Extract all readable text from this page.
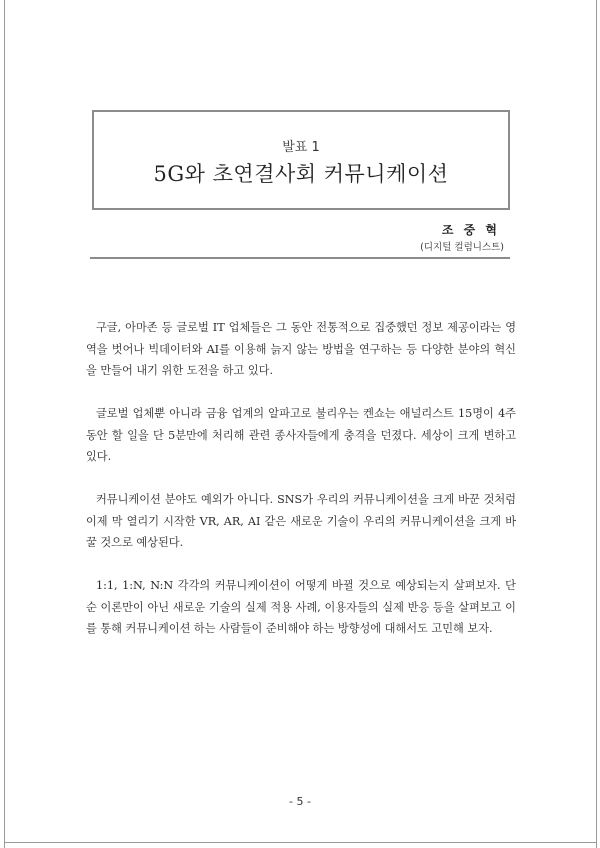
발표 1
5G와 초연결사회 커뮤니케이션
조 중 혁
(디지털 컬럼니스트)

구글, 아마존 등 글로벌 IT 업체들은 그 동안 전통적으로 집중했던 정보 제공이라는 영역을 벗어나 빅데이터와 AI를 이용해 늙지 않는 방법을 연구하는 등 다양한 분야의 혁신을 만들어 내기 위한 도전을 하고 있다.

글로벌 업체뿐 아니라 금융 업계의 알파고로 불리우는 켄쇼는 애널리스트 15명이 4주동안 할 일을 단 5분만에 처리해 관련 종사자들에게 충격을 던졌다. 세상이 크게 변하고 있다.

커뮤니케이션 분야도 예외가 아니다. SNS가 우리의 커뮤니케이션을 크게 바꾼 것처럼 이제 막 열리기 시작한 VR, AR, AI 같은 새로운 기술이 우리의 커뮤니케이션을 크게 바꿀 것으로 예상된다.

1:1, 1:N, N:N 각각의 커뮤니케이션이 어떻게 바뀔 것으로 예상되는지 살펴보자. 단순 이론만이 아닌 새로운 기술의 실제 적용 사례, 이용자들의 실제 반응 등을 살펴보고 이를 통해 커뮤니케이션 하는 사람들이 준비해야 하는 방향성에 대해서도 고민해 보자.

- 5 -
